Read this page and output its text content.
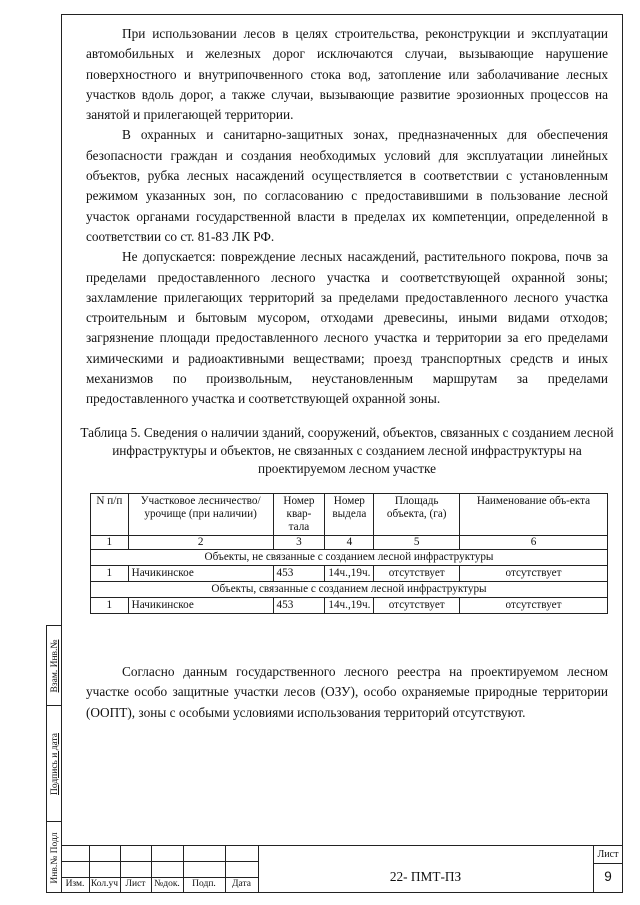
При использовании лесов в целях строительства, реконструкции и эксплуатации автомобильных и железных дорог исключаются случаи, вызывающие нарушение поверхностного и внутрипочвенного стока вод, затопление или заболачивание лесных участков вдоль дорог, а также случаи, вызывающие развитие эрозионных процессов на занятой и прилегающей территории.

В охранных и санитарно-защитных зонах, предназначенных для обеспечения безопасности граждан и создания необходимых условий для эксплуатации линейных объектов, рубка лесных насаждений осуществляется в соответствии с установленным режимом указанных зон, по согласованию с предоставившими в пользование лесной участок органами государственной власти в пределах их компетенции, определенной в соответствии со ст. 81-83 ЛК РФ.

Не допускается: повреждение лесных насаждений, растительного покрова, почв за пределами предоставленного лесного участка и соответствующей охранной зоны; захламление прилегающих территорий за пределами предоставленного лесного участка строительным и бытовым мусором, отходами древесины, иными видами отходов; загрязнение площади предоставленного лесного участка и территории за его пределами химическими и радиоактивными веществами; проезд транспортных средств и иных механизмов по произвольным, неустановленным маршрутам за пределами предоставленного участка и соответствующей охранной зоны.

Таблица 5. Сведения о наличии зданий, сооружений, объектов, связанных с созданием лесной инфраструктуры и объектов, не связанных с созданием лесной инфраструктуры на проектируемом лесном участке

N п/п	Участковое лесничество/ урочище (при наличии)	Номер квар-тала	Номер выдела	Площадь объекта, (га)	Наименование объ-екта
1	2	3	4	5	6
Объекты, не связанные с созданием лесной инфраструктуры					
1	Начикинское	453	14ч.,19ч.	отсутствует	отсутствует
Объекты, связанные с созданием лесной инфраструктуры					
1	Начикинское	453	14ч.,19ч.	отсутствует	отсутствует

Согласно данным государственного лесного реестра на проектируемом лесном участке особо защитные участки лесов (ОЗУ), особо охраняемые природные территории (ООПТ), зоны с особыми условиями использования территорий отсутствуют.

Взам. Инв.№
Подпись и дата
Инв.№ Подл
Изм. Кол.уч Лист №док.	Подп.	Дата	22- ПМТ-ПЗ
Лист
9
